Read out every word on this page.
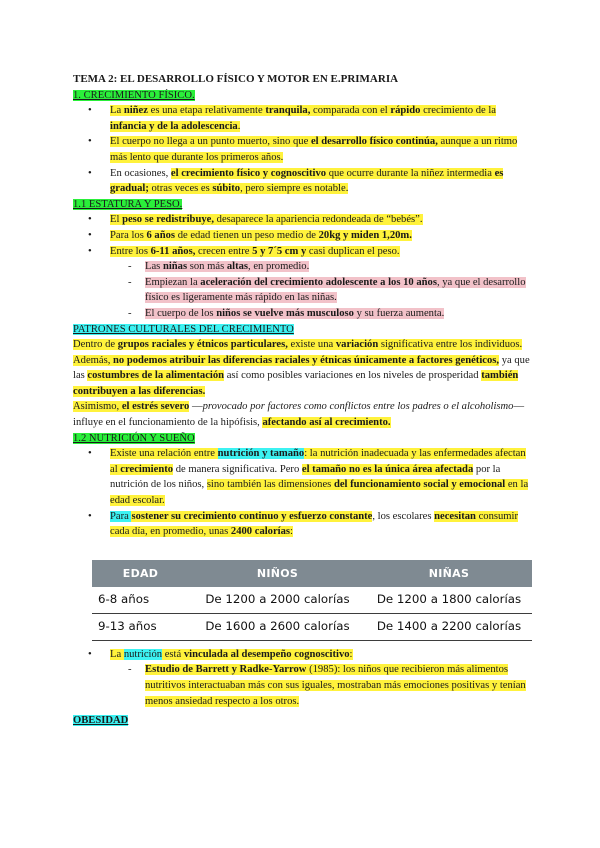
TEMA 2: EL DESARROLLO FÍSICO Y MOTOR EN E.PRIMARIA
1. CRECIMIENTO FÍSICO.
• La niñez es una etapa relativamente tranquila, comparada con el rápido crecimiento de la infancia y de la adolescencia.
• El cuerpo no llega a un punto muerto, sino que el desarrollo físico continúa, aunque a un ritmo más lento que durante los primeros años.
• En ocasiones, el crecimiento físico y cognoscitivo que ocurre durante la niñez intermedia es gradual; otras veces es súbito, pero siempre es notable.
1.1 ESTATURA Y PESO.
• El peso se redistribuye, desaparece la apariencia redondeada de “bebés”.
• Para los 6 años de edad tienen un peso medio de 20kg y miden 1,20m.
• Entre los 6-11 años, crecen entre 5 y 7´5 cm y casi duplican el peso.
- Las niñas son más altas, en promedio.
- Empiezan la aceleración del crecimiento adolescente a los 10 años, ya que el desarrollo físico es ligeramente más rápido en las niñas.
- El cuerpo de los niños se vuelve más musculoso y su fuerza aumenta.
PATRONES CULTURALES DEL CRECIMIENTO

Dentro de grupos raciales y étnicos particulares, existe una variación significativa entre los individuos.

Además, no podemos atribuir las diferencias raciales y étnicas únicamente a factores genéticos, ya que las costumbres de la alimentación así como posibles variaciones en los niveles de prosperidad también contribuyen a las diferencias.

Asimismo, el estrés severo —provocado por factores como conflictos entre los padres o el alcoholismo— influye en el funcionamiento de la hipófisis, afectando así al crecimiento.

1.2 NUTRICIÓN Y SUEÑO
• Existe una relación entre nutrición y tamaño: la nutrición inadecuada y las enfermedades afectan al crecimiento de manera significativa. Pero el tamaño no es la única área afectada por la nutrición de los niños, sino también las dimensiones del funcionamiento social y emocional en la edad escolar.
• Para sostener su crecimiento continuo y esfuerzo constante, los escolares necesitan consumir cada día, en promedio, unas 2400 calorías:
EDAD	NIÑOS	NIÑAS
6-8 años	De 1200 a 2000 calorías	De 1200 a 1800 calorías
9-13 años	De 1600 a 2600 calorías	De 1400 a 2200 calorías
• La nutrición está vinculada al desempeño cognoscitivo:
- Estudio de Barrett y Radke-Yarrow (1985): los niños que recibieron más alimentos nutritivos interactuaban más con sus iguales, mostraban más emociones positivas y tenían menos ansiedad respecto a los otros.
OBESIDAD
